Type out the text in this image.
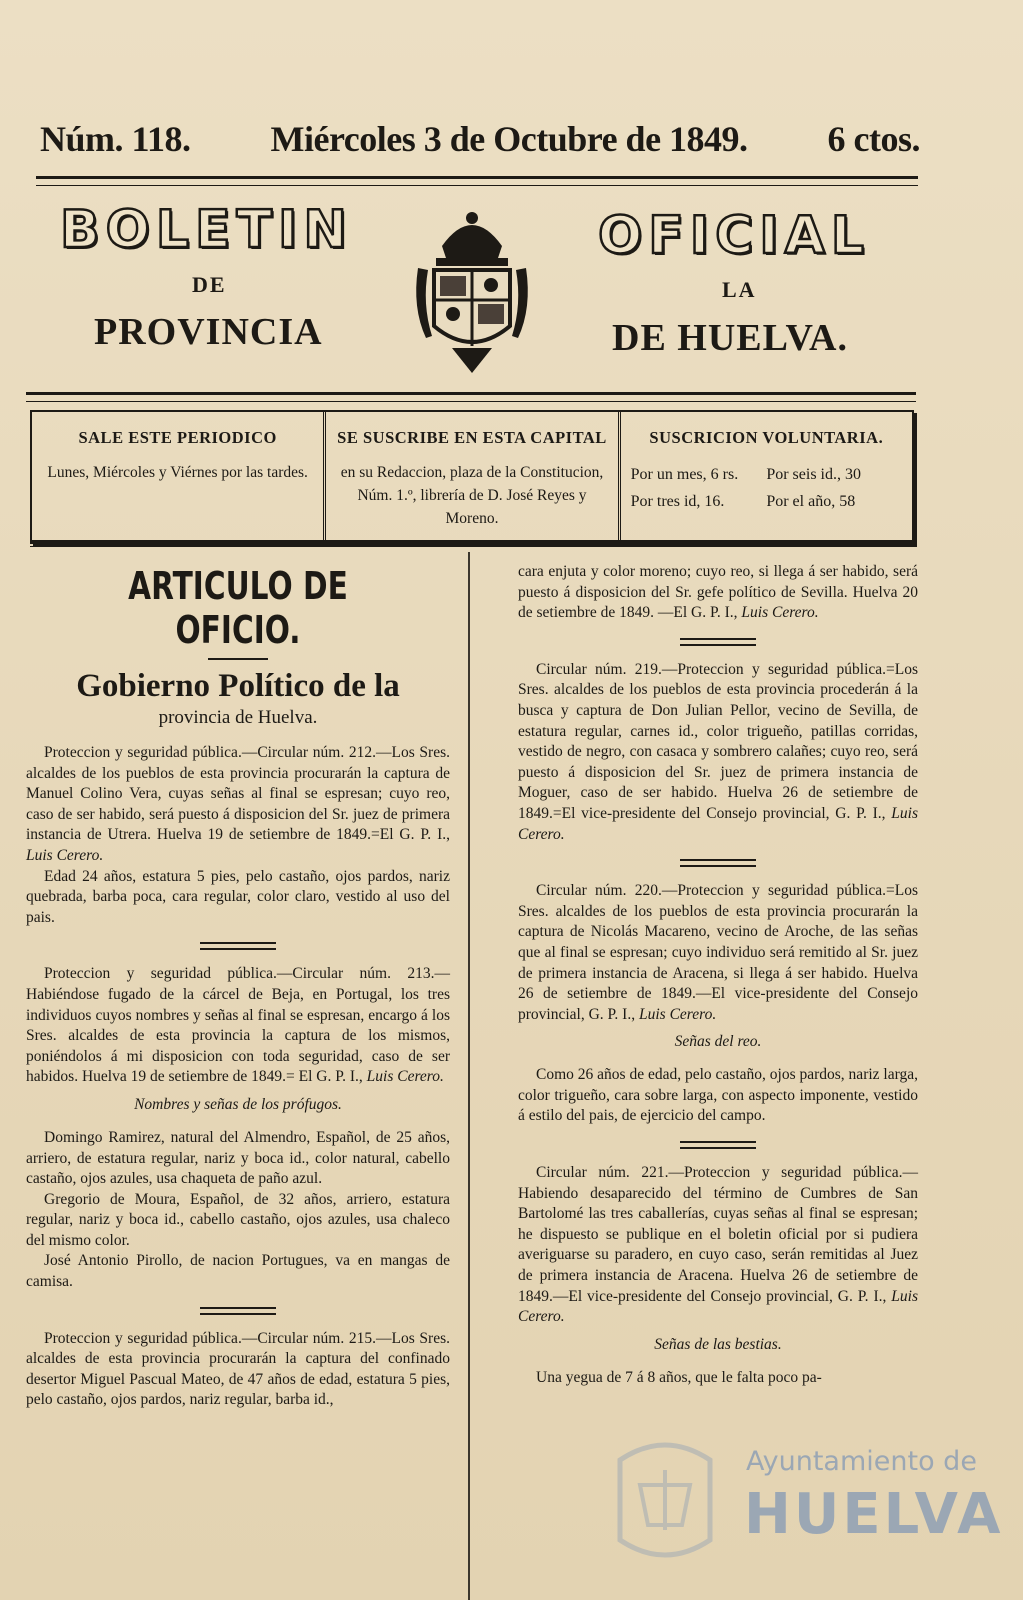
Núm. 118. Miércoles 3 de Octubre de 1849. 6 ctos.
BOLETIN	OFICIAL
DE	LA
PROVINCIA	DE HUELVA.
SALE ESTE PERIODICO
Lunes, Miércoles y Viérnes por las tardes.
SE SUSCRIBE EN ESTA CAPITAL
en su Redaccion, plaza de la Constitucion, Núm. 1.º, librería de D. José Reyes y Moreno.
SUSCRICION VOLUNTARIA.
Por un mes, 6 rs.	Por seis id., 30
Por tres id, 16.	Por el año, 58
ARTICULO DE OFICIO.
Gobierno Político de la
provincia de Huelva.

Proteccion y seguridad pública.—Circular núm. 212.—Los Sres. alcaldes de los pueblos de esta provincia procurarán la captura de Manuel Colino Vera, cuyas señas al final se espresan; cuyo reo, caso de ser habido, será puesto á disposicion del Sr. juez de primera instancia de Utrera. Huelva 19 de setiembre de 1849.=El G. P. I., Luis Cerero.

Edad 24 años, estatura 5 pies, pelo castaño, ojos pardos, nariz quebrada, barba poca, cara regular, color claro, vestido al uso del pais.

Proteccion y seguridad pública.—Circular núm. 213.—Habiéndose fugado de la cárcel de Beja, en Portugal, los tres individuos cuyos nombres y señas al final se espresan, encargo á los Sres. alcaldes de esta provincia la captura de los mismos, poniéndolos á mi disposicion con toda seguridad, caso de ser habidos. Huelva 19 de setiembre de 1849.= El G. P. I., Luis Cerero.

Nombres y señas de los prófugos.

Domingo Ramirez, natural del Almendro, Español, de 25 años, arriero, de estatura regular, nariz y boca id., color natural, cabello castaño, ojos azules, usa chaqueta de paño azul.

Gregorio de Moura, Español, de 32 años, arriero, estatura regular, nariz y boca id., cabello castaño, ojos azules, usa chaleco del mismo color.

José Antonio Pirollo, de nacion Portugues, va en mangas de camisa.

Proteccion y seguridad pública.—Circular núm. 215.—Los Sres. alcaldes de esta provincia procurarán la captura del confinado desertor Miguel Pascual Mateo, de 47 años de edad, estatura 5 pies, pelo castaño, ojos pardos, nariz regular, barba id.,

cara enjuta y color moreno; cuyo reo, si llega á ser habido, será puesto á disposicion del Sr. gefe político de Sevilla. Huelva 20 de setiembre de 1849. —El G. P. I., Luis Cerero.

Circular núm. 219.—Proteccion y seguridad pública.=Los Sres. alcaldes de los pueblos de esta provincia procederán á la busca y captura de Don Julian Pellor, vecino de Sevilla, de estatura regular, carnes id., color trigueño, patillas corridas, vestido de negro, con casaca y sombrero calañes; cuyo reo, será puesto á disposicion del Sr. juez de primera instancia de Moguer, caso de ser habido. Huelva 26 de setiembre de 1849.=El vice-presidente del Consejo provincial, G. P. I., Luis Cerero.

Circular núm. 220.—Proteccion y seguridad pública.=Los Sres. alcaldes de los pueblos de esta provincia procurarán la captura de Nicolás Macareno, vecino de Aroche, de las señas que al final se espresan; cuyo individuo será remitido al Sr. juez de primera instancia de Aracena, si llega á ser habido. Huelva 26 de setiembre de 1849.—El vice-presidente del Consejo provincial, G. P. I., Luis Cerero.

Señas del reo.

Como 26 años de edad, pelo castaño, ojos pardos, nariz larga, color trigueño, cara sobre larga, con aspecto imponente, vestido á estilo del pais, de ejercicio del campo.

Circular núm. 221.—Proteccion y seguridad pública.—Habiendo desaparecido del término de Cumbres de San Bartolomé las tres caballerías, cuyas señas al final se espresan; he dispuesto se publique en el boletin oficial por si pudiera averiguarse su paradero, en cuyo caso, serán remitidas al Juez de primera instancia de Aracena. Huelva 26 de setiembre de 1849.—El vice-presidente del Consejo provincial, G. P. I., Luis Cerero.

Señas de las bestias.

Una yegua de 7 á 8 años, que le falta poco pa-

Ayuntamiento de
HUELVA
